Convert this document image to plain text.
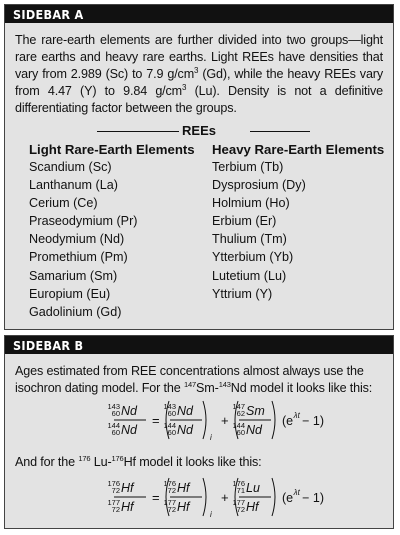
SIDEBAR A
The rare-earth elements are further divided into two groups—light rare earths and heavy rare earths. Light REEs have densities that vary from 2.989 (Sc) to 7.9 $g/cm^3$ (Gd), while the heavy REEs vary from 4.47 (Y) to 9.84 $g/cm^3$ (Lu). Density is not a definitive differentiating factor between the groups.
REEs
Light Rare-Earth Elements
Scandium (Sc)
Lanthanum (La)
Cerium (Ce)
Praseodymium (Pr)
Neodymium (Nd)
Promethium (Pm)
Samarium (Sm)
Europium (Eu)
Gadolinium (Gd)
Heavy Rare-Earth Elements
Terbium (Tb)
Dysprosium (Dy)
Holmium (Ho)
Erbium (Er)
Thulium (Tm)
Ytterbium (Yb)
Lutetium (Lu)
Yttrium (Y)
SIDEBAR B
Ages estimated from REE concentrations almost always use the isochron dating model. For the $^{147}$Sm-$^{143}$Nd model it looks like this:
143
60 Nd
144
60 Nd
=
143
60 Nd
144
60 Nd
i
+
147
62 Sm
144
60 Nd
(e λt − 1)
And for the $^{176}$ Lu-$^{176}$Hf model it looks like this:
176
72 Hf
177
72 Hf
=
176
72 Hf
177
72 Hf
i
+
176
71 Lu
177
72 Hf
(e λt − 1)
